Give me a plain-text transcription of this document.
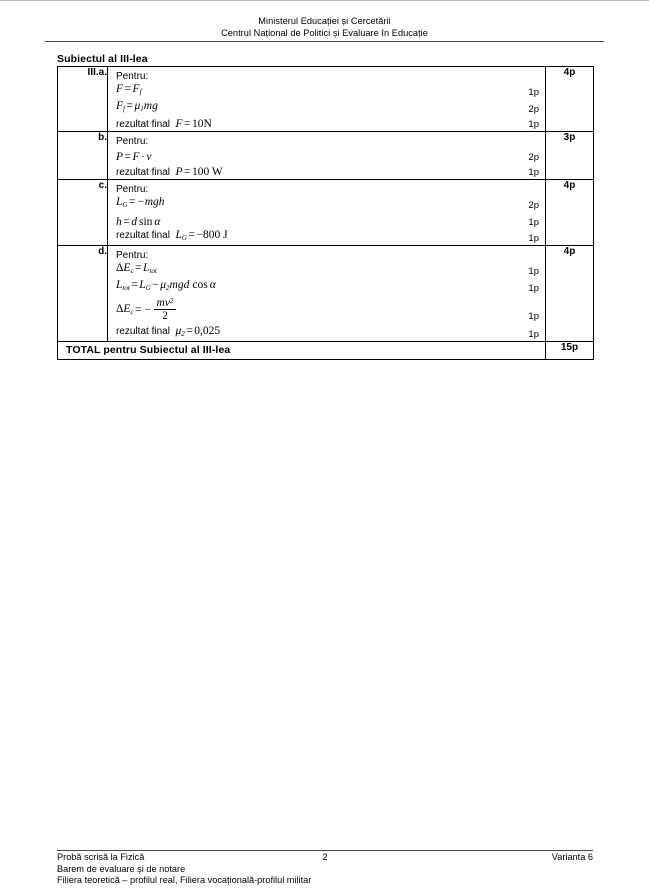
Ministerul Educației și Cercetării
Centrul Național de Politici și Evaluare în Educație
Subiectul al III-lea
III.a.	Pentru:
$F = F_f$	1p
$F_f = \mu_1mg$	2p
rezultat final F = 10N	1p
	4p
b.	Pentru:
P = F · v 2p
rezultat final P = 100 W 1p	3p
c.	Pentru:
$L_G = -mgh$	2p
h = d sin α	1p
rezultat final $L_G = -800$ J	1p
	4p
d.	Pentru:
$\Delta E_c = L_{tot}$	1p
$L_{tot} = L_G - \mu_2mgd$ cos α	1p
$\Delta E_c$ = − $\frac{mv^2}{2}$	1p
rezultat final $\mu_2 = 0,025$	1p
	4p
TOTAL pentru Subiectul al III-lea		15p
Probă scrisă la Fizică	2	Varianta 6
Barem de evaluare și de notare
Filiera teoretică – profilul real, Filiera vocațională-profilul militar
